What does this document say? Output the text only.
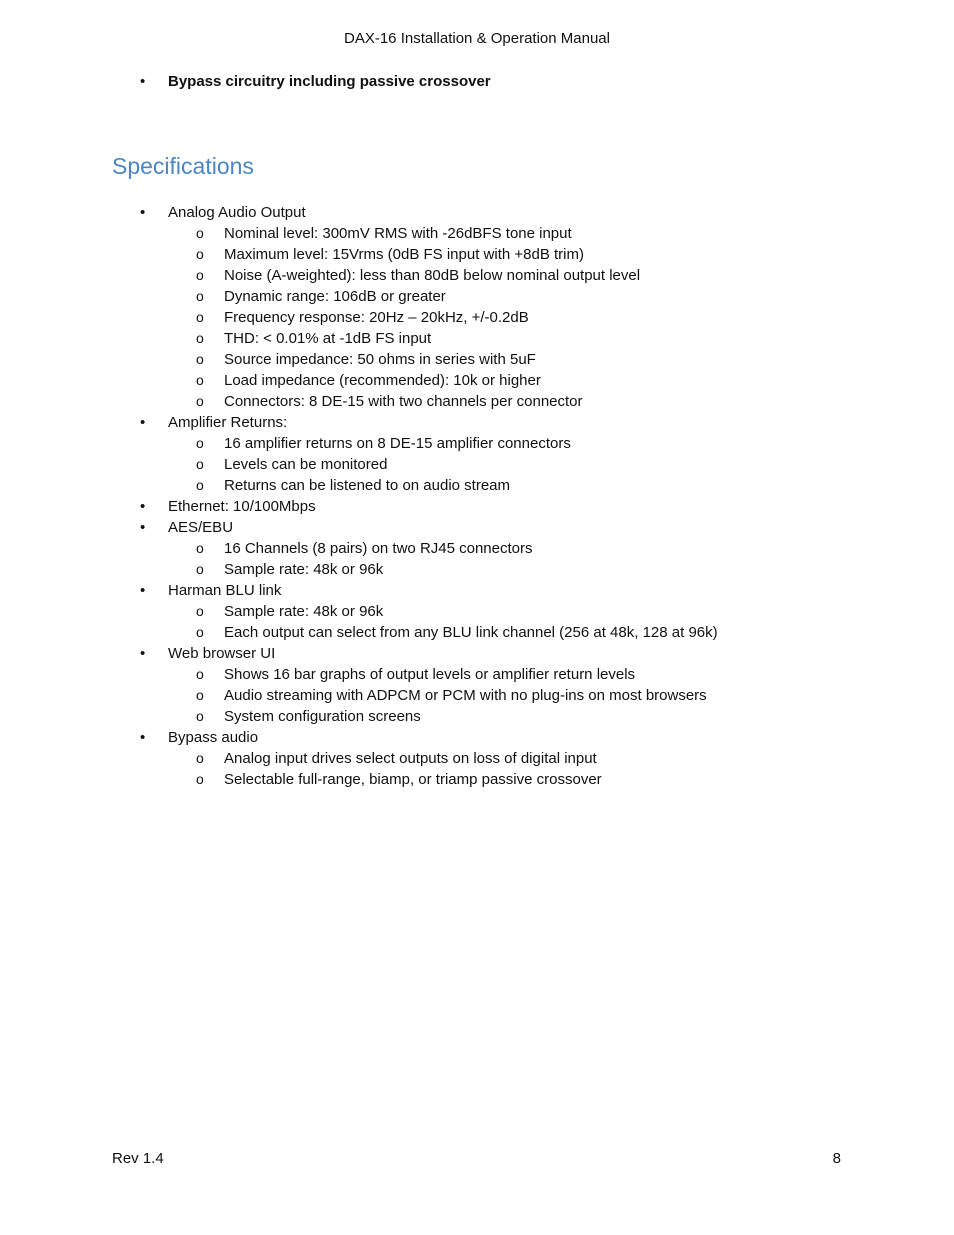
DAX-16 Installation & Operation Manual
• Bypass circuitry including passive crossover
Specifications
• Analog Audio Output
o Nominal level: 300mV RMS with -26dBFS tone input
o Maximum level: 15Vrms (0dB FS input with +8dB trim)
o Noise (A-weighted): less than 80dB below nominal output level
o Dynamic range: 106dB or greater
o Frequency response: 20Hz – 20kHz, +/-0.2dB
o THD: < 0.01% at -1dB FS input
o Source impedance: 50 ohms in series with 5uF
o Load impedance (recommended): 10k or higher
o Connectors: 8 DE-15 with two channels per connector
• Amplifier Returns:
o 16 amplifier returns on 8 DE-15 amplifier connectors
o Levels can be monitored
o Returns can be listened to on audio stream
• Ethernet: 10/100Mbps
• AES/EBU
o 16 Channels (8 pairs) on two RJ45 connectors
o Sample rate: 48k or 96k
• Harman BLU link
o Sample rate: 48k or 96k
o Each output can select from any BLU link channel (256 at 48k, 128 at 96k)
• Web browser UI
o Shows 16 bar graphs of output levels or amplifier return levels
o Audio streaming with ADPCM or PCM with no plug-ins on most browsers
o System configuration screens
• Bypass audio
o Analog input drives select outputs on loss of digital input
o Selectable full-range, biamp, or triamp passive crossover
Rev 1.4	8
